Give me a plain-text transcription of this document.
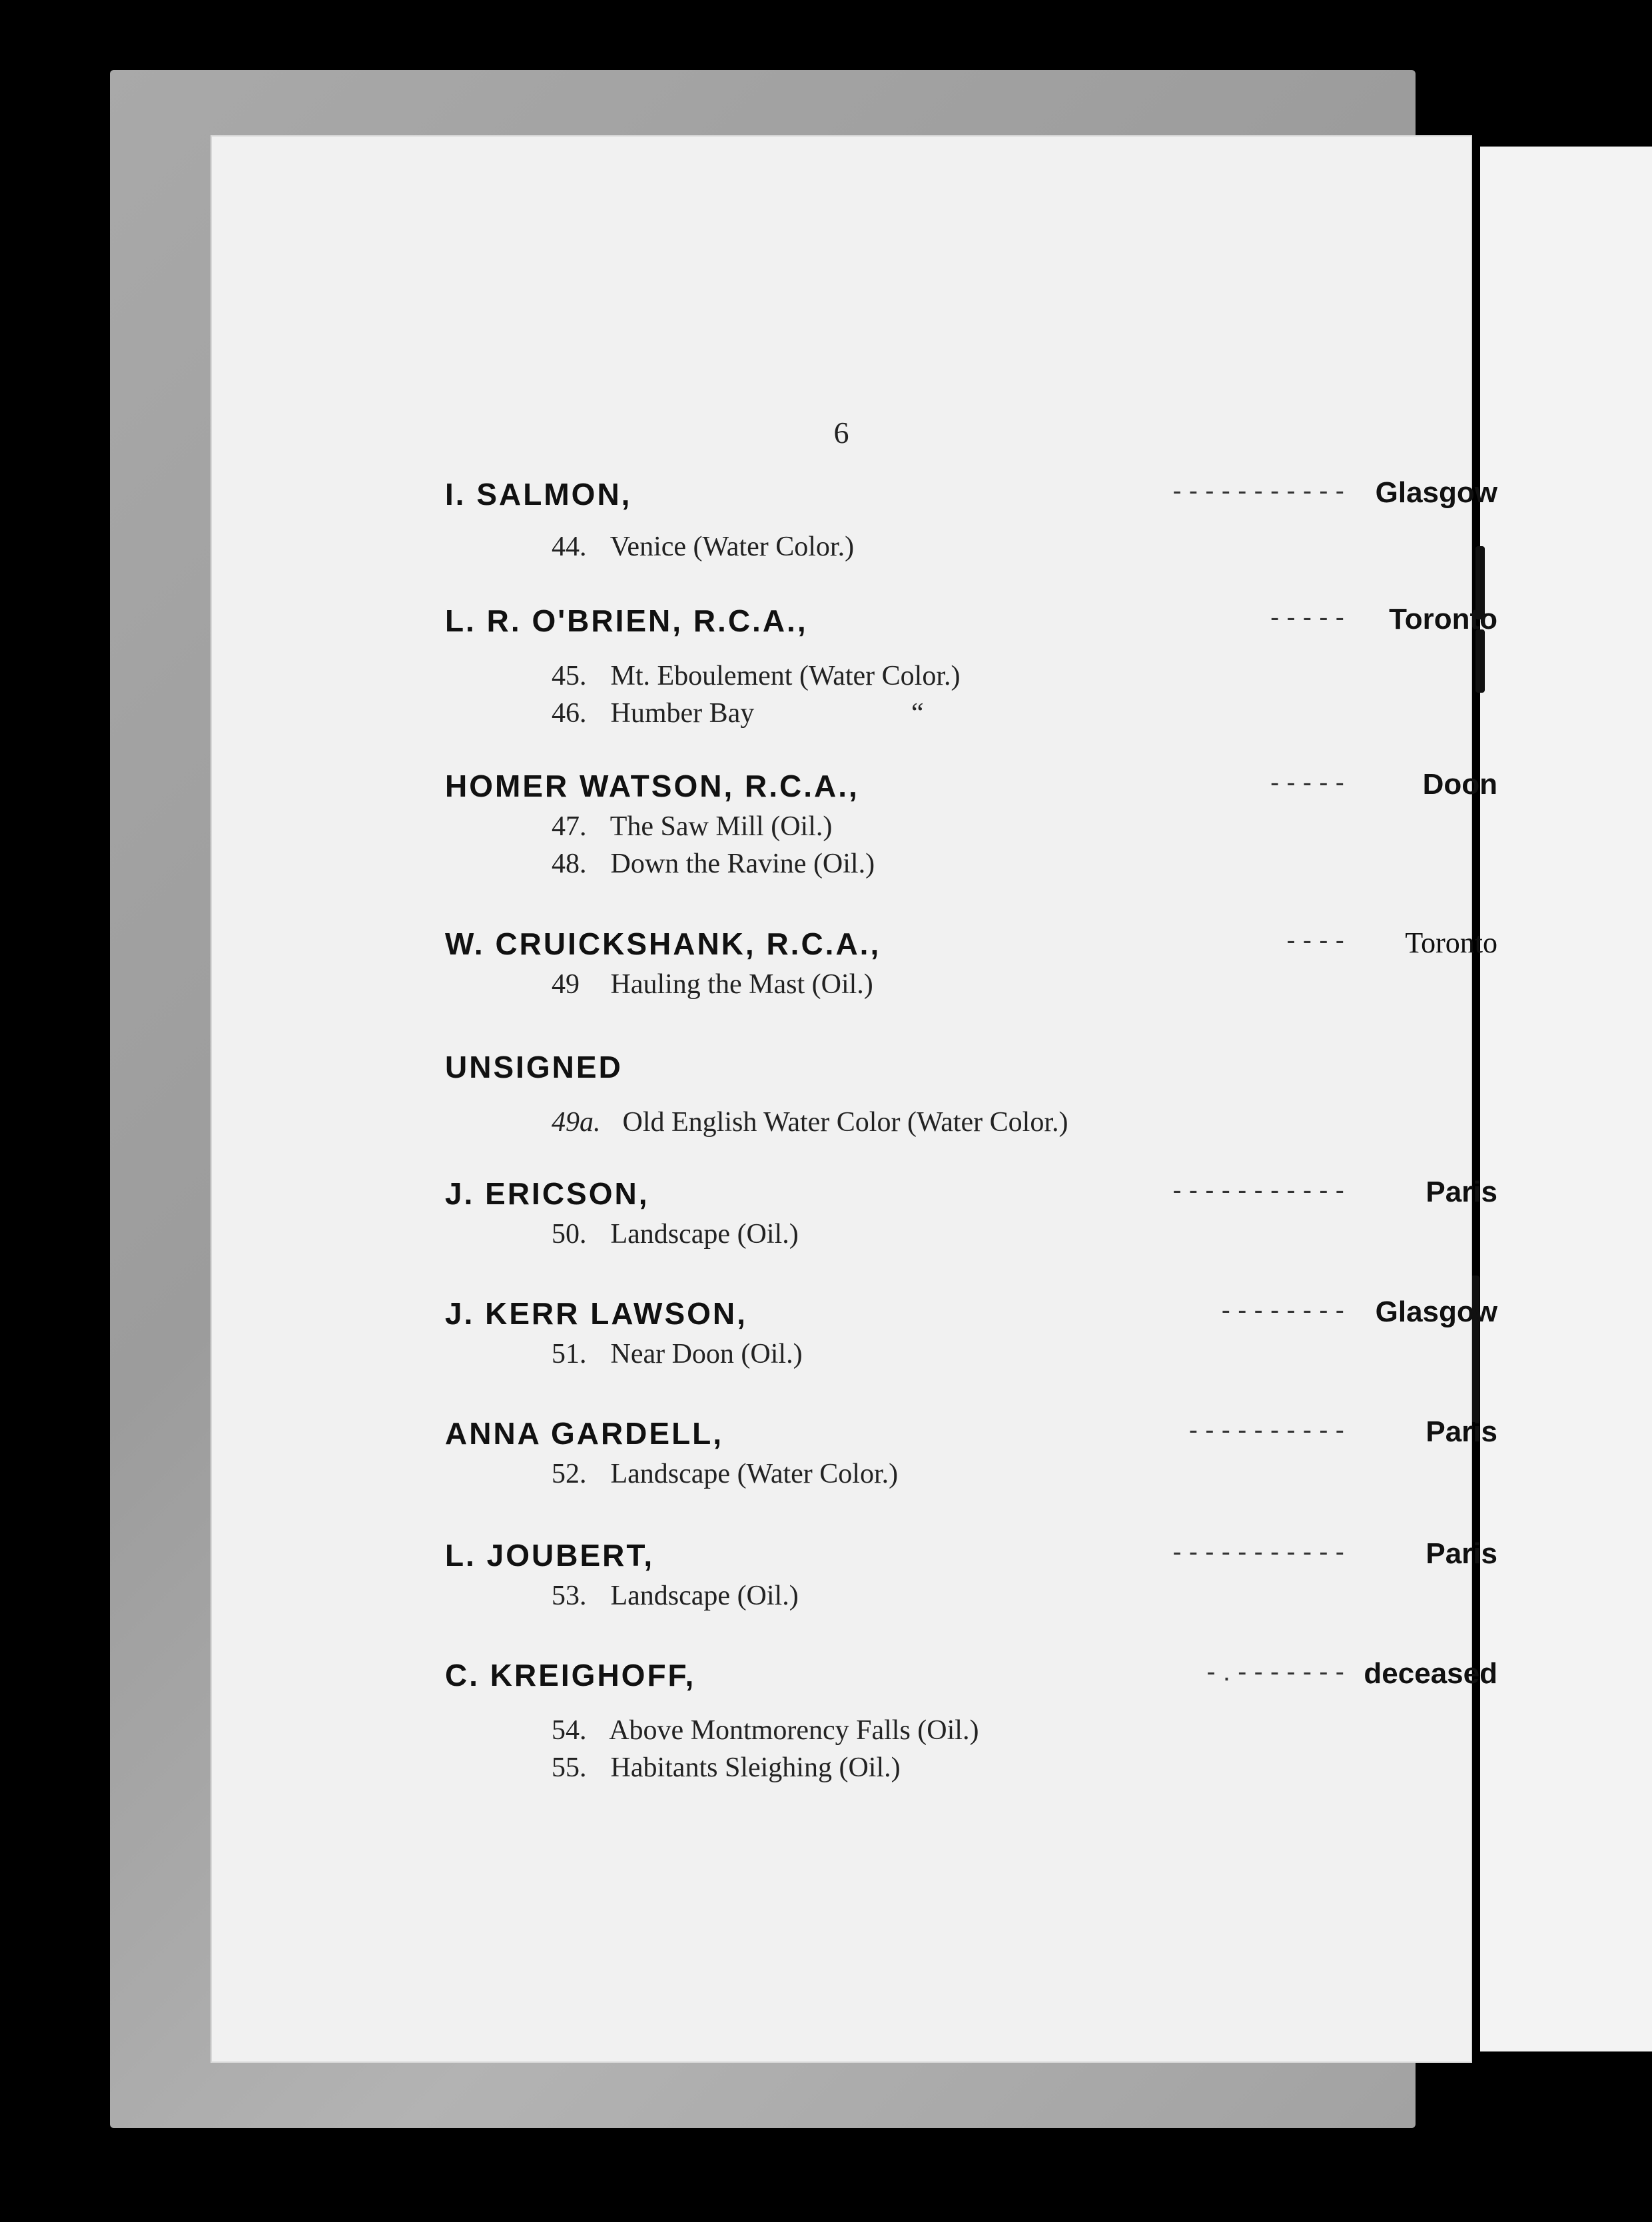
6
I. SALMON,	- - - - - - - - - - - Glasgow
44. Venice (Water Color.)
L. R. O'BRIEN, R.C.A.,	- - - - - Toronto
45. Mt. Eboulement (Water Color.)
46. Humber Bay	“
HOMER WATSON, R.C.A.,	- - - - -	Doon
47. The Saw Mill (Oil.)
48. Down the Ravine (Oil.)
W. CRUICKSHANK, R.C.A.,	- - - - Toronto
49 Hauling the Mast (Oil.)
UNSIGNED
49a. Old English Water Color (Water Color.)
J. ERICSON,	- - - - - - - - - - -	Paris
50. Landscape (Oil.)
J. KERR LAWSON,	- - - - - - - - Glasgow
51. Near Doon (Oil.)
ANNA GARDELL,	- - - - - - - - - -	Paris
52. Landscape (Water Color.)
L. JOUBERT,	- - - - - - - - - - -	Paris
53. Landscape (Oil.)
C. KREIGHOFF,	- . - - - - - - - deceased
54. Above Montmorency Falls (Oil.)
55. Habitants Sleighing (Oil.)
